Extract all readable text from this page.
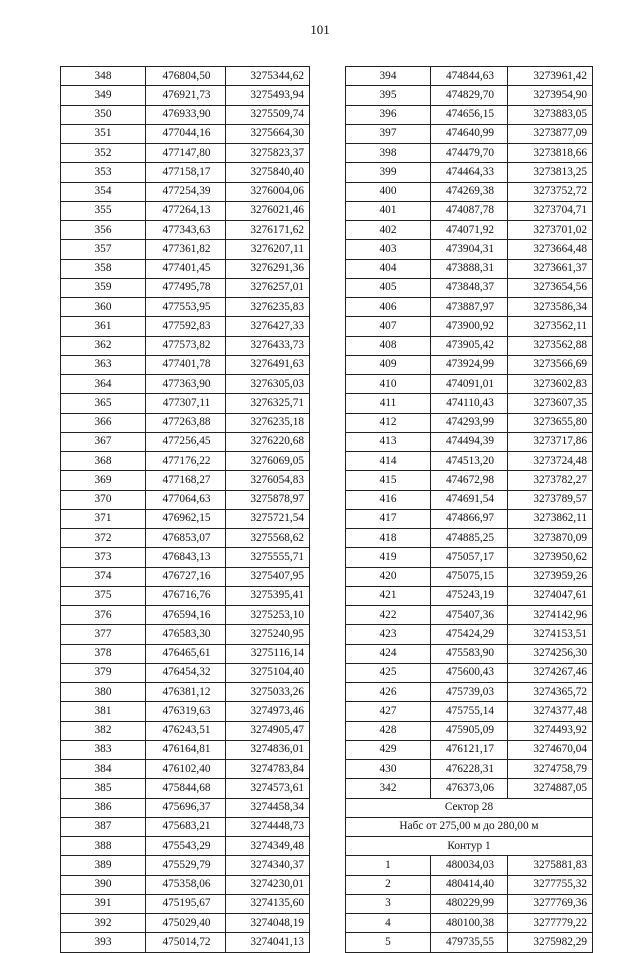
101
348	476804,50	3275344,62
349	476921,73	3275493,94
350	476933,90	3275509,74
351	477044,16	3275664,30
352	477147,80	3275823,37
353	477158,17	3275840,40
354	477254,39	3276004,06
355	477264,13	3276021,46
356	477343,63	3276171,62
357	477361,82	3276207,11
358	477401,45	3276291,36
359	477495,78	3276257,01
360	477553,95	3276235,83
361	477592,83	3276427,33
362	477573,82	3276433,73
363	477401,78	3276491,63
364	477363,90	3276305,03
365	477307,11	3276325,71
366	477263,88	3276235,18
367	477256,45	3276220,68
368	477176,22	3276069,05
369	477168,27	3276054,83
370	477064,63	3275878,97
371	476962,15	3275721,54
372	476853,07	3275568,62
373	476843,13	3275555,71
374	476727,16	3275407,95
375	476716,76	3275395,41
376	476594,16	3275253,10
377	476583,30	3275240,95
378	476465,61	3275116,14
379	476454,32	3275104,40
380	476381,12	3275033,26
381	476319,63	3274973,46
382	476243,51	3274905,47
383	476164,81	3274836,01
384	476102,40	3274783,84
385	475844,68	3274573,61
386	475696,37	3274458,34
387	475683,21	3274448,73
388	475543,29	3274349,48
389	475529,79	3274340,37
390	475358,06	3274230,01
391	475195,67	3274135,60
392	475029,40	3274048,19
393	475014,72	3274041,13
394	474844,63	3273961,42
395	474829,70	3273954,90
396	474656,15	3273883,05
397	474640,99	3273877,09
398	474479,70	3273818,66
399	474464,33	3273813,25
400	474269,38	3273752,72
401	474087,78	3273704,71
402	474071,92	3273701,02
403	473904,31	3273664,48
404	473888,31	3273661,37
405	473848,37	3273654,56
406	473887,97	3273586,34
407	473900,92	3273562,11
408	473905,42	3273562,88
409	473924,99	3273566,69
410	474091,01	3273602,83
411	474110,43	3273607,35
412	474293,99	3273655,80
413	474494,39	3273717,86
414	474513,20	3273724,48
415	474672,98	3273782,27
416	474691,54	3273789,57
417	474866,97	3273862,11
418	474885,25	3273870,09
419	475057,17	3273950,62
420	475075,15	3273959,26
421	475243,19	3274047,61
422	475407,36	3274142,96
423	475424,29	3274153,51
424	475583,90	3274256,30
425	475600,43	3274267,46
426	475739,03	3274365,72
427	475755,14	3274377,48
428	475905,09	3274493,92
429	476121,17	3274670,04
430	476228,31	3274758,79
342	476373,06	3274887,05
Сектор 28		
Набс от 275,00 м до 280,00 м		
Контур 1		
1	480034,03	3275881,83
2	480414,40	3277755,32
3	480229,99	3277769,36
4	480100,38	3277779,22
5	479735,55	3275982,29
